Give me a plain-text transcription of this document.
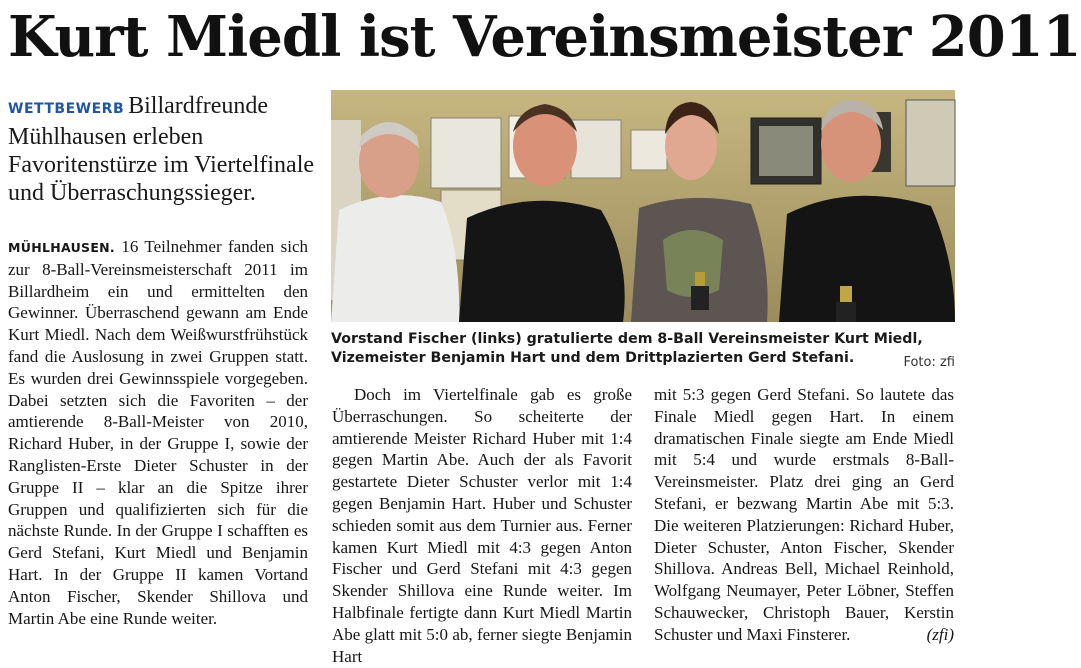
Kurt Miedl ist Vereinsmeister 2011
WETTBEWERB Billardfreunde Mühlhausen erleben Favoritenstürze im Viertelfinale und Überraschungssieger.
MÜHLHAUSEN. 16 Teilnehmer fanden sich zur 8-Ball-Vereinsmeisterschaft 2011 im Billardheim ein und ermittelten den Gewinner. Überraschend gewann am Ende Kurt Miedl. Nach dem Weißwurstfrühstück fand die Auslosung in zwei Gruppen statt. Es wurden drei Gewinnsspiele vorgegeben. Dabei setzten sich die Favoriten – der amtierende 8-Ball-Meister von 2010, Richard Huber, in der Gruppe I, sowie der Ranglisten-Erste Dieter Schuster in der Gruppe II – klar an die Spitze ihrer Gruppen und qualifizierten sich für die nächste Runde. In der Gruppe I schafften es Gerd Stefani, Kurt Miedl und Benjamin Hart. In der Gruppe II kamen Vortand Anton Fischer, Skender Shillova und Martin Abe eine Runde weiter.
Vorstand Fischer (links) gratulierte dem 8-Ball Vereinsmeister Kurt Miedl, Vizemeister Benjamin Hart und dem Drittplazierten Gerd Stefani.	Foto: zfi
Doch im Viertelfinale gab es große Überraschungen. So scheiterte der amtierende Meister Richard Huber mit 1:4 gegen Martin Abe. Auch der als Favorit gestartete Dieter Schuster verlor mit 1:4 gegen Benjamin Hart. Huber und Schuster schieden somit aus dem Turnier aus. Ferner kamen Kurt Miedl mit 4:3 gegen Anton Fischer und Gerd Stefani mit 4:3 gegen Skender Shillova eine Runde weiter. Im Halbfinale fertigte dann Kurt Miedl Martin Abe glatt mit 5:0 ab, ferner siegte Benjamin Hart
mit 5:3 gegen Gerd Stefani. So lautete das Finale Miedl gegen Hart. In einem dramatischen Finale siegte am Ende Miedl mit 5:4 und wurde erstmals 8-Ball-Vereinsmeister. Platz drei ging an Gerd Stefani, er bezwang Martin Abe mit 5:3. Die weiteren Platzierungen: Richard Huber, Dieter Schuster, Anton Fischer, Skender Shillova. Andreas Bell, Michael Reinhold, Wolfgang Neumayer, Peter Löbner, Steffen Schauwecker, Christoph Bauer, Kerstin Schuster und Maxi Finsterer.	(zfi)
